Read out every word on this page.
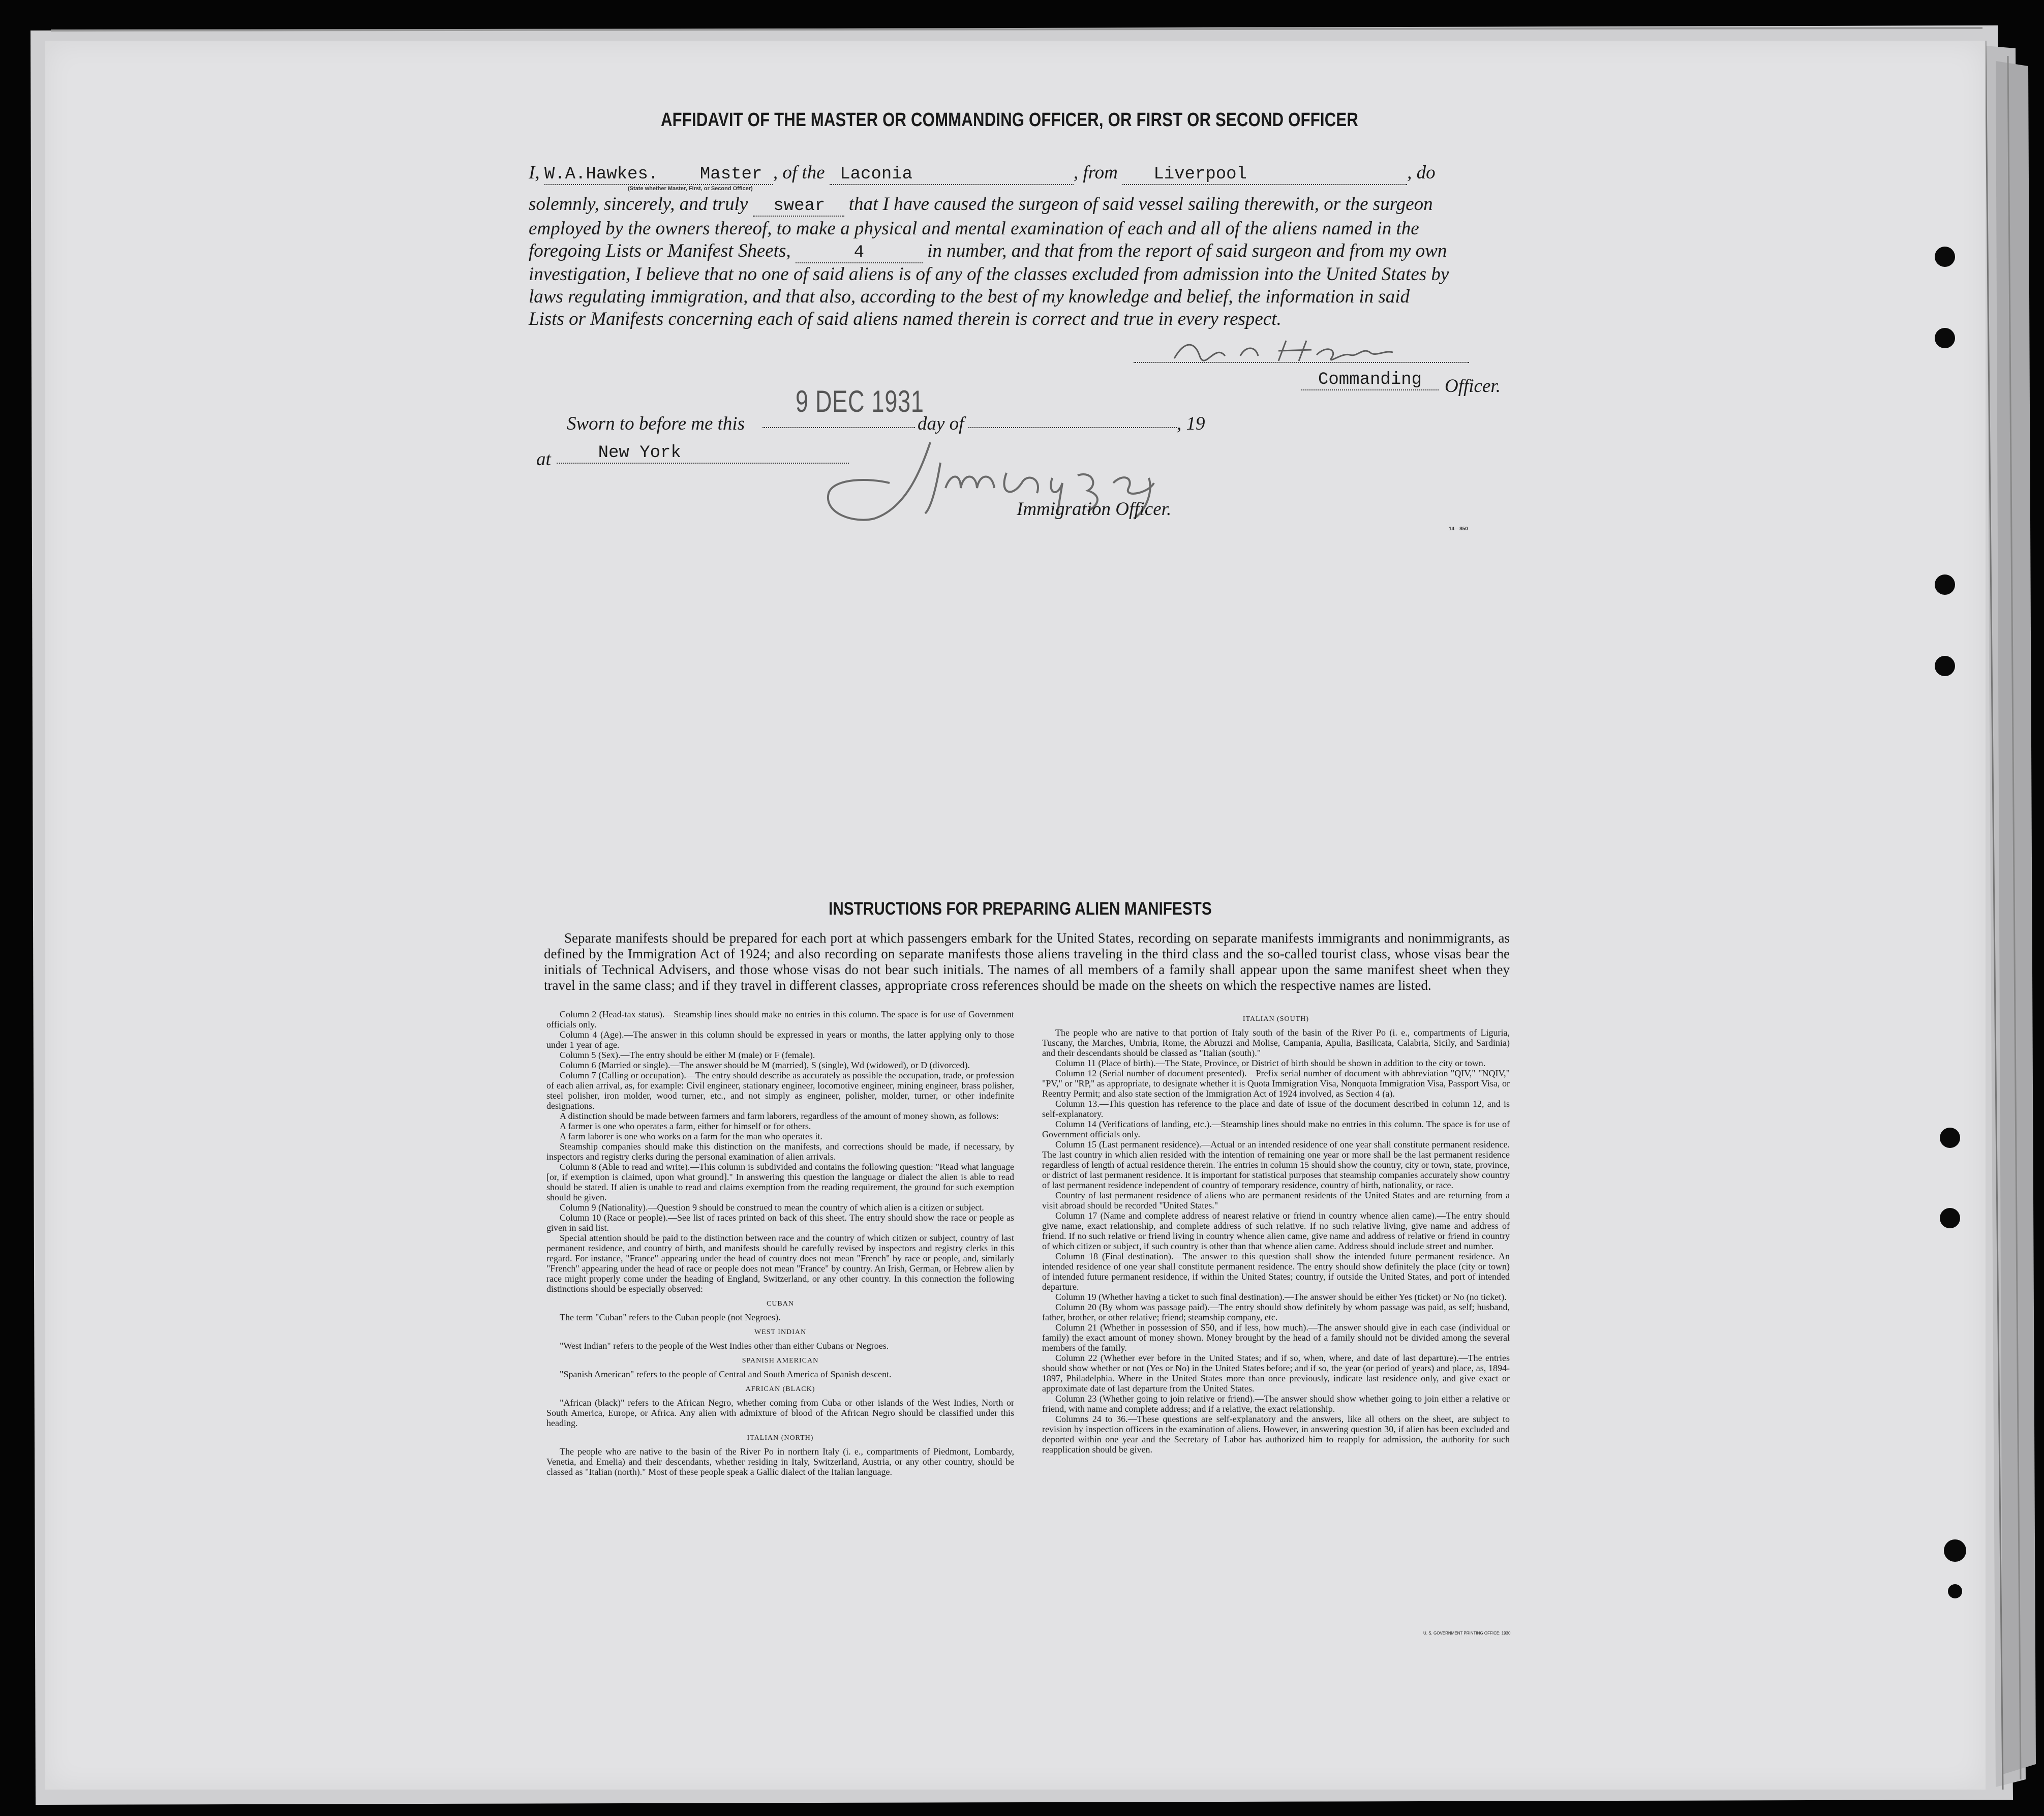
AFFIDAVIT OF THE MASTER OR COMMANDING OFFICER, OR FIRST OR SECOND OFFICER
I, W.A.Hawkes. Master , of the Laconia	, from Liverpool	, do
(State whether Master, First, or Second Officer)
solemnly, sincerely, and truly swear that I have caused the surgeon of said vessel sailing therewith, or the surgeon
employed by the owners thereof, to make a physical and mental examination of each and all of the aliens named in the
foregoing Lists or Manifest Sheets,	4	in number, and that from the report of said surgeon and from my own
investigation, I believe that no one of said aliens is of any of the classes excluded from admission into the United States by
laws regulating immigration, and that also, according to the best of my knowledge and belief, the information in said
Lists or Manifests concerning each of said aliens named therein is correct and true in every respect.
Commanding	Officer.
9 DEC 1931
Sworn to before me this	day of	, 19
at	New York
Immigration Officer.
14—850
INSTRUCTIONS FOR PREPARING ALIEN MANIFESTS
Separate manifests should be prepared for each port at which passengers embark for the United States, recording on separate manifests immigrants and nonimmigrants, as defined by the Immigration Act of 1924; and also recording on separate manifests those aliens traveling in the third class and the so-called tourist class, whose visas bear the initials of Technical Advisers, and those whose visas do not bear such initials. The names of all members of a family shall appear upon the same manifest sheet when they travel in the same class; and if they travel in different classes, appropriate cross references should be made on the sheets on which the respective names are listed.

Column 2 (Head-tax status).—Steamship lines should make no entries in this column. The space is for use of Government officials only.

Column 4 (Age).—The answer in this column should be expressed in years or months, the latter applying only to those under 1 year of age.

Column 5 (Sex).—The entry should be either M (male) or F (female).

Column 6 (Married or single).—The answer should be M (married), S (single), Wd (widowed), or D (divorced).

Column 7 (Calling or occupation).—The entry should describe as accurately as possible the occupation, trade, or profession of each alien arrival, as, for example: Civil engineer, stationary engineer, locomotive engineer, mining engineer, brass polisher, steel polisher, iron molder, wood turner, etc., and not simply as engineer, polisher, molder, turner, or other indefinite designations.

A distinction should be made between farmers and farm laborers, regardless of the amount of money shown, as follows:

A farmer is one who operates a farm, either for himself or for others.

A farm laborer is one who works on a farm for the man who operates it.

Steamship companies should make this distinction on the manifests, and corrections should be made, if necessary, by inspectors and registry clerks during the personal examination of alien arrivals.

Column 8 (Able to read and write).—This column is subdivided and contains the following question: "Read what language [or, if exemption is claimed, upon what ground]." In answering this question the language or dialect the alien is able to read should be stated. If alien is unable to read and claims exemption from the reading requirement, the ground for such exemption should be given.

Column 9 (Nationality).—Question 9 should be construed to mean the country of which alien is a citizen or subject.

Column 10 (Race or people).—See list of races printed on back of this sheet. The entry should show the race or people as given in said list.

Special attention should be paid to the distinction between race and the country of which citizen or subject, country of last permanent residence, and country of birth, and manifests should be carefully revised by inspectors and registry clerks in this regard. For instance, "France" appearing under the head of country does not mean "French" by race or people, and, similarly "French" appearing under the head of race or people does not mean "France" by country. An Irish, German, or Hebrew alien by race might properly come under the heading of England, Switzerland, or any other country. In this connection the following distinctions should be especially observed:

CUBAN

The term "Cuban" refers to the Cuban people (not Negroes).

WEST INDIAN

"West Indian" refers to the people of the West Indies other than either Cubans or Negroes.

SPANISH AMERICAN

"Spanish American" refers to the people of Central and South America of Spanish descent.

AFRICAN (BLACK)

"African (black)" refers to the African Negro, whether coming from Cuba or other islands of the West Indies, North or South America, Europe, or Africa. Any alien with admixture of blood of the African Negro should be classified under this heading.

ITALIAN (NORTH)

The people who are native to the basin of the River Po in northern Italy (i. e., compartments of Piedmont, Lombardy, Venetia, and Emelia) and their descendants, whether residing in Italy, Switzerland, Austria, or any other country, should be classed as "Italian (north)." Most of these people speak a Gallic dialect of the Italian language.

ITALIAN (SOUTH)

The people who are native to that portion of Italy south of the basin of the River Po (i. e., compartments of Liguria, Tuscany, the Marches, Umbria, Rome, the Abruzzi and Molise, Campania, Apulia, Basilicata, Calabria, Sicily, and Sardinia) and their descendants should be classed as "Italian (south)."

Column 11 (Place of birth).—The State, Province, or District of birth should be shown in addition to the city or town.

Column 12 (Serial number of document presented).—Prefix serial number of document with abbreviation "QIV," "NQIV," "PV," or "RP," as appropriate, to designate whether it is Quota Immigration Visa, Nonquota Immigration Visa, Passport Visa, or Reentry Permit; and also state section of the Immigration Act of 1924 involved, as Section 4 (a).

Column 13.—This question has reference to the place and date of issue of the document described in column 12, and is self-explanatory.

Column 14 (Verifications of landing, etc.).—Steamship lines should make no entries in this column. The space is for use of Government officials only.

Column 15 (Last permanent residence).—Actual or an intended residence of one year shall constitute permanent residence. The last country in which alien resided with the intention of remaining one year or more shall be the last permanent residence regardless of length of actual residence therein. The entries in column 15 should show the country, city or town, state, province, or district of last permanent residence. It is important for statistical purposes that steamship companies accurately show country of last permanent residence independent of country of temporary residence, country of birth, nationality, or race.

Country of last permanent residence of aliens who are permanent residents of the United States and are returning from a visit abroad should be recorded "United States."

Column 17 (Name and complete address of nearest relative or friend in country whence alien came).—The entry should give name, exact relationship, and complete address of such relative. If no such relative living, give name and address of friend. If no such relative or friend living in country whence alien came, give name and address of relative or friend in country of which citizen or subject, if such country is other than that whence alien came. Address should include street and number.

Column 18 (Final destination).—The answer to this question shall show the intended future permanent residence. An intended residence of one year shall constitute permanent residence. The entry should show definitely the place (city or town) of intended future permanent residence, if within the United States; country, if outside the United States, and port of intended departure.

Column 19 (Whether having a ticket to such final destination).—The answer should be either Yes (ticket) or No (no ticket).

Column 20 (By whom was passage paid).—The entry should show definitely by whom passage was paid, as self; husband, father, brother, or other relative; friend; steamship company, etc.

Column 21 (Whether in possession of $50, and if less, how much).—The answer should give in each case (individual or family) the exact amount of money shown. Money brought by the head of a family should not be divided among the several members of the family.

Column 22 (Whether ever before in the United States; and if so, when, where, and date of last departure).—The entries should show whether or not (Yes or No) in the United States before; and if so, the year (or period of years) and place, as, 1894-1897, Philadelphia. Where in the United States more than once previously, indicate last residence only, and give exact or approximate date of last departure from the United States.

Column 23 (Whether going to join relative or friend).—The answer should show whether going to join either a relative or friend, with name and complete address; and if a relative, the exact relationship.

Columns 24 to 36.—These questions are self-explanatory and the answers, like all others on the sheet, are subject to revision by inspection officers in the examination of aliens. However, in answering question 30, if alien has been excluded and deported within one year and the Secretary of Labor has authorized him to reapply for admission, the authority for such reapplication should be given.

U. S. GOVERNMENT PRINTING OFFICE: 1930
